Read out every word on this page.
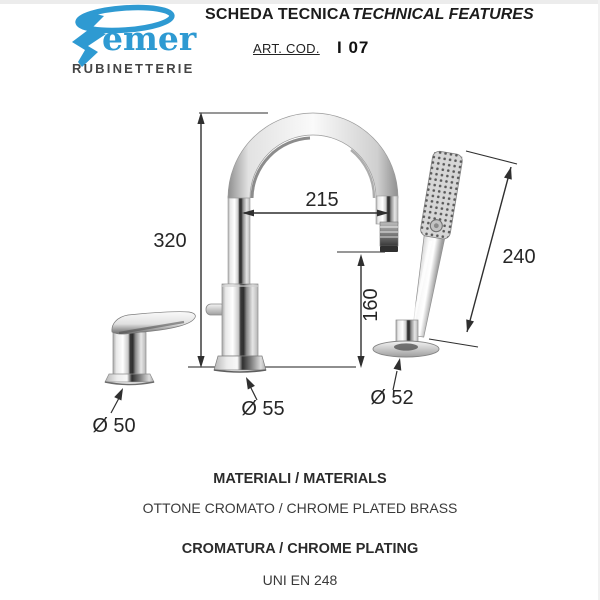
emer
RUBINETTERIE
SCHEDA TECNICA TECHNICAL FEATURES
ART. COD. I 07
320
215
160
240
Ø 50
Ø 55	Ø 52
MATERIALI / MATERIALS
OTTONE CROMATO / CHROME PLATED BRASS
CROMATURA / CHROME PLATING
UNI EN 248
